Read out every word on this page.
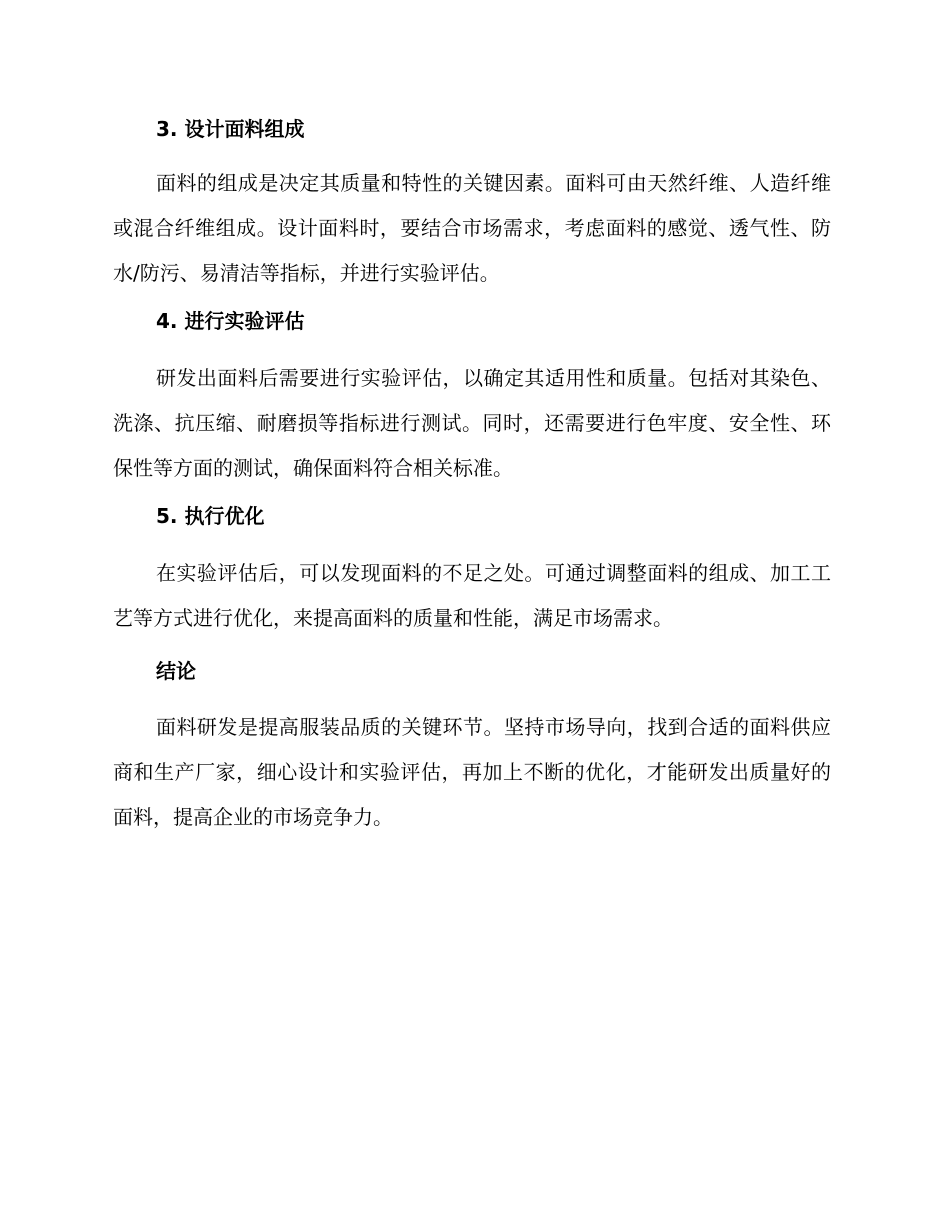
3. 设计面料组成

面料的组成是决定其质量和特性的关键因素。面料可由天然纤维、人造纤维或混合纤维组成。设计面料时，要结合市场需求，考虑面料的感觉、透气性、防水/防污、易清洁等指标，并进行实验评估。

4. 进行实验评估

研发出面料后需要进行实验评估，以确定其适用性和质量。包括对其染色、洗涤、抗压缩、耐磨损等指标进行测试。同时，还需要进行色牢度、安全性、环保性等方面的测试，确保面料符合相关标准。

5. 执行优化

在实验评估后，可以发现面料的不足之处。可通过调整面料的组成、加工工艺等方式进行优化，来提高面料的质量和性能，满足市场需求。

结论

面料研发是提高服装品质的关键环节。坚持市场导向，找到合适的面料供应商和生产厂家，细心设计和实验评估，再加上不断的优化，才能研发出质量好的面料，提高企业的市场竞争力。
